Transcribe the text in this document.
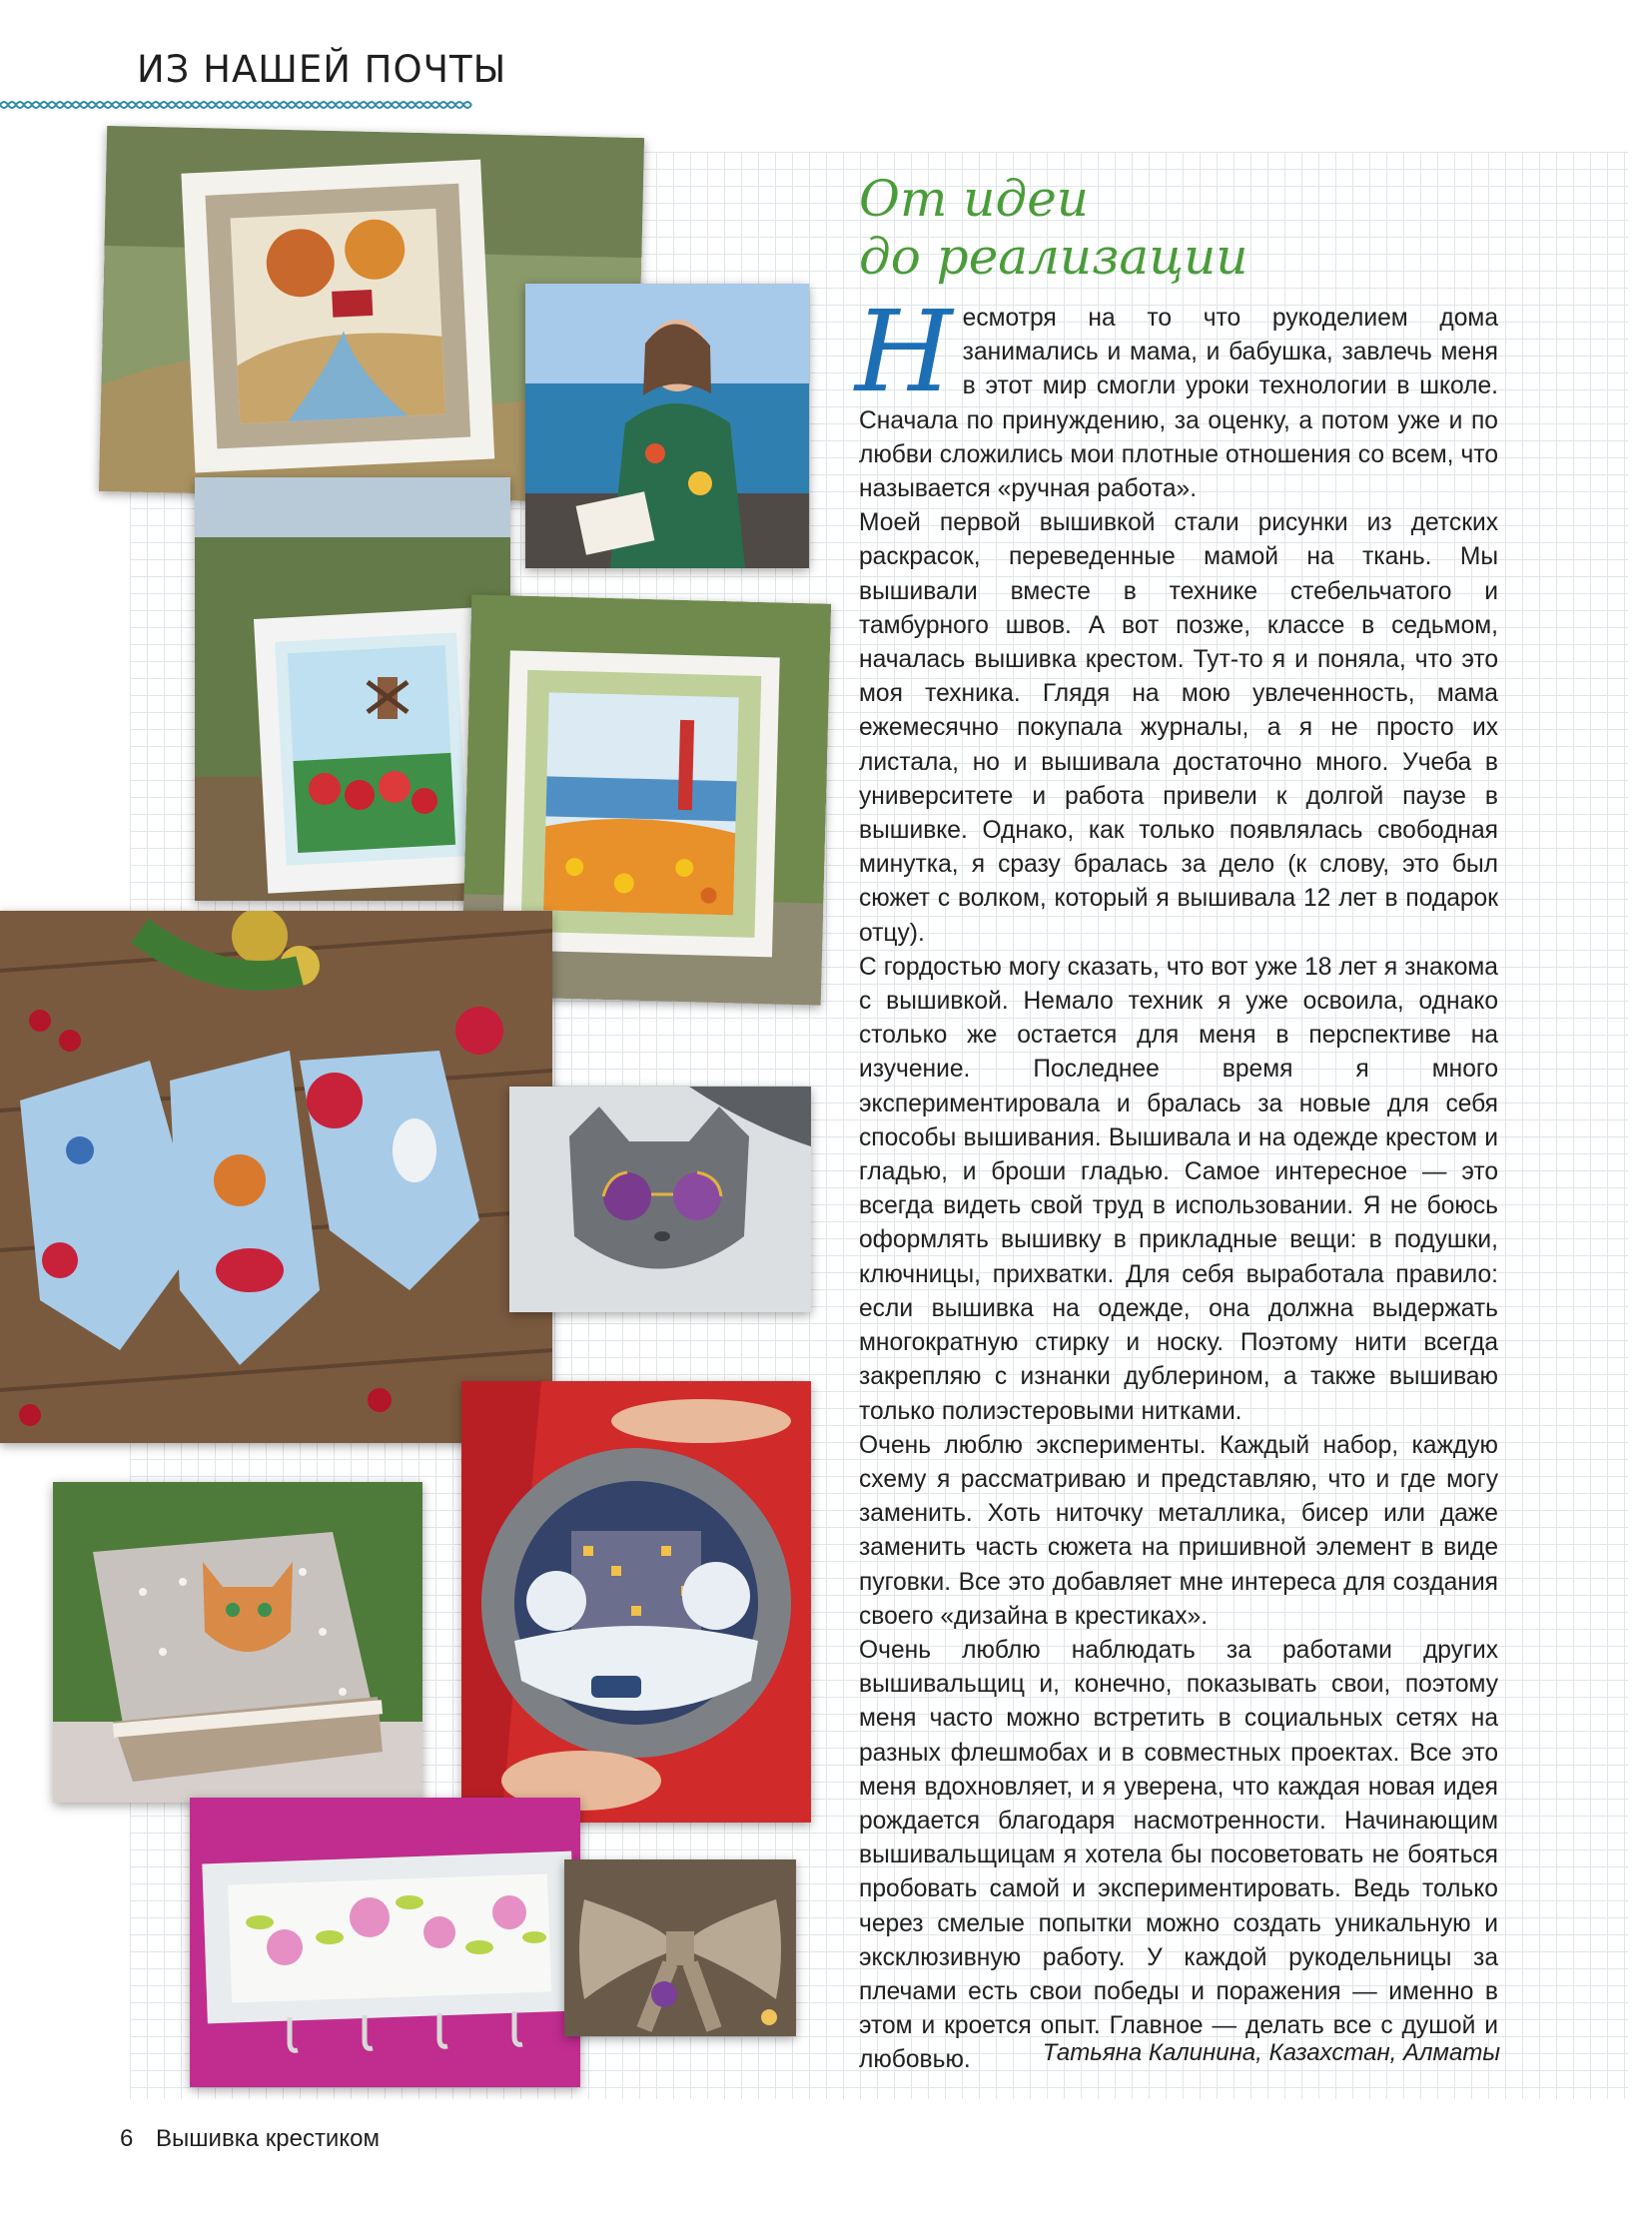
ИЗ НАШЕЙ ПОЧТЫ
От идеи
до реализации

Несмотря на то что рукоделием дома занимались и мама, и бабушка, завлечь меня в этот мир смогли уроки технологии в школе. Сначала по принуждению, за оценку, а потом уже и по любви сложились мои плотные отношения со всем, что называется «ручная работа».

Моей первой вышивкой стали рисунки из детских раскрасок, переведенные мамой на ткань. Мы вышивали вместе в технике стебельчатого и тамбурного швов. А вот позже, классе в седьмом, началась вышивка крестом. Тут-то я и поняла, что это моя техника. Глядя на мою увлеченность, мама ежемесячно покупала журналы, а я не просто их листала, но и вышивала достаточно много. Учеба в университете и работа привели к долгой паузе в вышивке. Однако, как только появлялась свободная минутка, я сразу бралась за дело (к слову, это был сюжет с волком, который я вышивала 12 лет в подарок отцу).

С гордостью могу сказать, что вот уже 18 лет я знакома с вышивкой. Немало техник я уже освоила, однако столько же остается для меня в перспективе на изучение. Последнее время я много экспериментировала и бралась за новые для себя способы вышивания. Вышивала и на одежде крестом и гладью, и броши гладью. Самое интересное — это всегда видеть свой труд в использовании. Я не боюсь оформлять вышивку в прикладные вещи: в подушки, ключницы, прихватки. Для себя выработала правило: если вышивка на одежде, она должна выдержать многократную стирку и носку. Поэтому нити всегда закрепляю с изнанки дублерином, а также вышиваю только полиэстеровыми нитками.

Очень люблю эксперименты. Каждый набор, каждую схему я рассматриваю и представляю, что и где могу заменить. Хоть ниточку металлика, бисер или даже заменить часть сюжета на пришивной элемент в виде пуговки. Все это добавляет мне интереса для создания своего «дизайна в крестиках».

Очень люблю наблюдать за работами других вышивальщиц и, конечно, показывать свои, поэтому меня часто можно встретить в социальных сетях на разных флешмобах и в совместных проектах. Все это меня вдохновляет, и я уверена, что каждая новая идея рождается благодаря насмотренности. Начинающим вышивальщицам я хотела бы посоветовать не бояться пробовать самой и экспериментировать. Ведь только через смелые попытки можно создать уникальную и эксклюзивную работу. У каждой рукодельницы за плечами есть свои победы и поражения — именно в этом и кроется опыт. Главное — делать все с душой и любовью.	Татьяна Калинина, Казахстан, Алматы
6 Вышивка крестиком
